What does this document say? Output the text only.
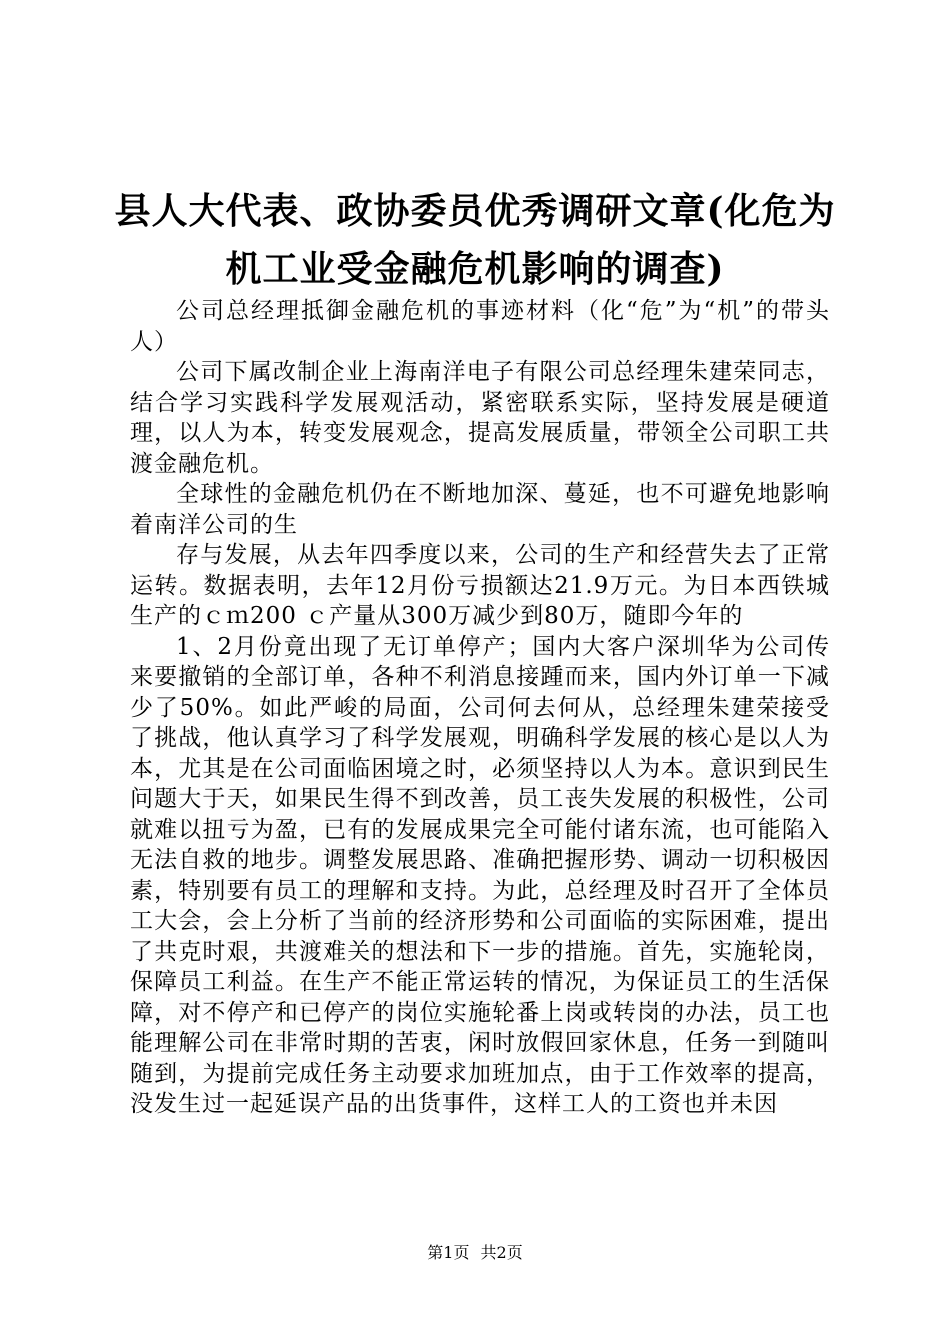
县人大代表、政协委员优秀调研文章(化危为机工业受金融危机影响的调查)

公司总经理抵御金融危机的事迹材料（化“危”为“机”的带头人）

公司下属改制企业上海南洋电子有限公司总经理朱建荣同志，结合学习实践科学发展观活动，紧密联系实际，坚持发展是硬道理，以人为本，转变发展观念，提高发展质量，带领全公司职工共渡金融危机。

全球性的金融危机仍在不断地加深、蔓延，也不可避免地影响着南洋公司的生

存与发展，从去年四季度以来，公司的生产和经营失去了正常运转。数据表明，去年12月份亏损额达21.9万元。为日本西铁城生产的ｃｍ200 ｃ产量从300万减少到80万，随即今年的

1、2月份竟出现了无订单停产；国内大客户深圳华为公司传来要撤销的全部订单，各种不利消息接踵而来，国内外订单一下减少了50%。如此严峻的局面，公司何去何从，总经理朱建荣接受了挑战，他认真学习了科学发展观，明确科学发展的核心是以人为本，尤其是在公司面临困境之时，必须坚持以人为本。意识到民生问题大于天，如果民生得不到改善，员工丧失发展的积极性，公司就难以扭亏为盈，已有的发展成果完全可能付诸东流，也可能陷入无法自救的地步。调整发展思路、准确把握形势、调动一切积极因素，特别要有员工的理解和支持。为此，总经理及时召开了全体员工大会，会上分析了当前的经济形势和公司面临的实际困难，提出了共克时艰，共渡难关的想法和下一步的措施。首先，实施轮岗，保障员工利益。在生产不能正常运转的情况，为保证员工的生活保障，对不停产和已停产的岗位实施轮番上岗或转岗的办法，员工也能理解公司在非常时期的苦衷，闲时放假回家休息，任务一到随叫随到，为提前完成任务主动要求加班加点，由于工作效率的提高，没发生过一起延误产品的出货事件，这样工人的工资也并未因

第1页 共2页
